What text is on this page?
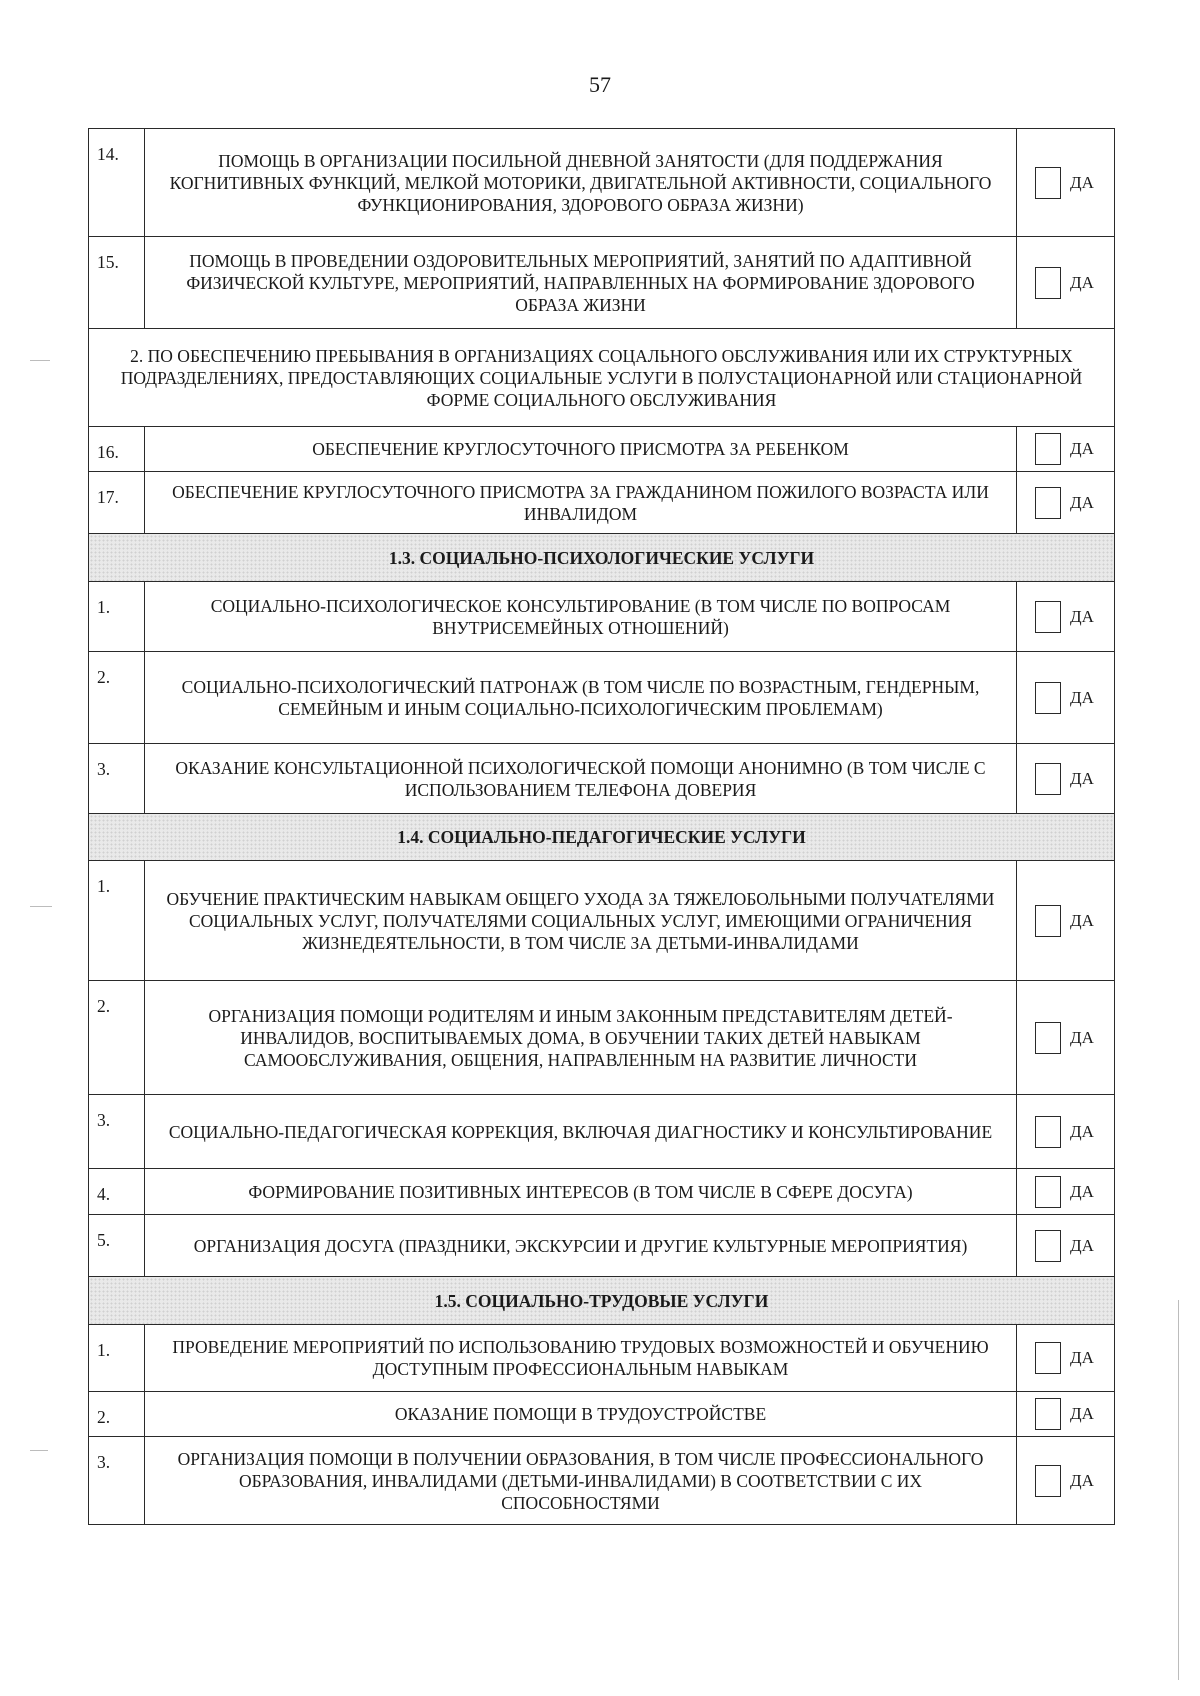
57
14.	ПОМОЩЬ В ОРГАНИЗАЦИИ ПОСИЛЬНОЙ ДНЕВНОЙ ЗАНЯТОСТИ (ДЛЯ ПОДДЕРЖАНИЯ КОГНИТИВНЫХ ФУНКЦИЙ, МЕЛКОЙ МОТОРИКИ, ДВИГАТЕЛЬНОЙ АКТИВНОСТИ, СОЦИАЛЬНОГО ФУНКЦИОНИРОВАНИЯ, ЗДОРОВОГО ОБРАЗА ЖИЗНИ)	ДА
15.	ПОМОЩЬ В ПРОВЕДЕНИИ ОЗДОРОВИТЕЛЬНЫХ МЕРОПРИЯТИЙ, ЗАНЯТИЙ ПО АДАПТИВНОЙ ФИЗИЧЕСКОЙ КУЛЬТУРЕ, МЕРОПРИЯТИЙ, НАПРАВЛЕННЫХ НА ФОРМИРОВАНИЕ ЗДОРОВОГО ОБРАЗА ЖИЗНИ	ДА
2. ПО ОБЕСПЕЧЕНИЮ ПРЕБЫВАНИЯ В ОРГАНИЗАЦИЯХ СОЦАЛЬНОГО ОБСЛУЖИВАНИЯ ИЛИ ИХ СТРУКТУРНЫХ ПОДРАЗДЕЛЕНИЯХ, ПРЕДОСТАВЛЯЮЩИХ СОЦИАЛЬНЫЕ УСЛУГИ В ПОЛУСТАЦИОНАРНОЙ ИЛИ СТАЦИОНАРНОЙ ФОРМЕ СОЦИАЛЬНОГО ОБСЛУЖИВАНИЯ		
16.	ОБЕСПЕЧЕНИЕ КРУГЛОСУТОЧНОГО ПРИСМОТРА ЗА РЕБЕНКОМ	ДА
17.	ОБЕСПЕЧЕНИЕ КРУГЛОСУТОЧНОГО ПРИСМОТРА ЗА ГРАЖДАНИНОМ ПОЖИЛОГО ВОЗРАСТА ИЛИ ИНВАЛИДОМ	ДА
1.3. СОЦИАЛЬНО-ПСИХОЛОГИЧЕСКИЕ УСЛУГИ		
1.	СОЦИАЛЬНО-ПСИХОЛОГИЧЕСКОЕ КОНСУЛЬТИРОВАНИЕ (В ТОМ ЧИСЛЕ ПО ВОПРОСАМ ВНУТРИСЕМЕЙНЫХ ОТНОШЕНИЙ)	ДА
2.	СОЦИАЛЬНО-ПСИХОЛОГИЧЕСКИЙ ПАТРОНАЖ (В ТОМ ЧИСЛЕ ПО ВОЗРАСТНЫМ, ГЕНДЕРНЫМ, СЕМЕЙНЫМ И ИНЫМ СОЦИАЛЬНО-ПСИХОЛОГИЧЕСКИМ ПРОБЛЕМАМ)	ДА
3.	ОКАЗАНИЕ КОНСУЛЬТАЦИОННОЙ ПСИХОЛОГИЧЕСКОЙ ПОМОЩИ АНОНИМНО (В ТОМ ЧИСЛЕ С ИСПОЛЬЗОВАНИЕМ ТЕЛЕФОНА ДОВЕРИЯ	ДА
1.4. СОЦИАЛЬНО-ПЕДАГОГИЧЕСКИЕ УСЛУГИ		
1.	ОБУЧЕНИЕ ПРАКТИЧЕСКИМ НАВЫКАМ ОБЩЕГО УХОДА ЗА ТЯЖЕЛОБОЛЬНЫМИ ПОЛУЧАТЕЛЯМИ СОЦИАЛЬНЫХ УСЛУГ, ПОЛУЧАТЕЛЯМИ СОЦИАЛЬНЫХ УСЛУГ, ИМЕЮЩИМИ ОГРАНИЧЕНИЯ ЖИЗНЕДЕЯТЕЛЬНОСТИ, В ТОМ ЧИСЛЕ ЗА ДЕТЬМИ-ИНВАЛИДАМИ	ДА
2.	ОРГАНИЗАЦИЯ ПОМОЩИ РОДИТЕЛЯМ И ИНЫМ ЗАКОННЫМ ПРЕДСТАВИТЕЛЯМ ДЕТЕЙ-ИНВАЛИДОВ, ВОСПИТЫВАЕМЫХ ДОМА, В ОБУЧЕНИИ ТАКИХ ДЕТЕЙ НАВЫКАМ САМООБСЛУЖИВАНИЯ, ОБЩЕНИЯ, НАПРАВЛЕННЫМ НА РАЗВИТИЕ ЛИЧНОСТИ	ДА
3.	СОЦИАЛЬНО-ПЕДАГОГИЧЕСКАЯ КОРРЕКЦИЯ, ВКЛЮЧАЯ ДИАГНОСТИКУ И КОНСУЛЬТИРОВАНИЕ	ДА
4.	ФОРМИРОВАНИЕ ПОЗИТИВНЫХ ИНТЕРЕСОВ (В ТОМ ЧИСЛЕ В СФЕРЕ ДОСУГА)	ДА
5.	ОРГАНИЗАЦИЯ ДОСУГА (ПРАЗДНИКИ, ЭКСКУРСИИ И ДРУГИЕ КУЛЬТУРНЫЕ МЕРОПРИЯТИЯ)	ДА
1.5. СОЦИАЛЬНО-ТРУДОВЫЕ УСЛУГИ		
1.	ПРОВЕДЕНИЕ МЕРОПРИЯТИЙ ПО ИСПОЛЬЗОВАНИЮ ТРУДОВЫХ ВОЗМОЖНОСТЕЙ И ОБУЧЕНИЮ ДОСТУПНЫМ ПРОФЕССИОНАЛЬНЫМ НАВЫКАМ	ДА
2.	ОКАЗАНИЕ ПОМОЩИ В ТРУДОУСТРОЙСТВЕ	ДА
3.	ОРГАНИЗАЦИЯ ПОМОЩИ В ПОЛУЧЕНИИ ОБРАЗОВАНИЯ, В ТОМ ЧИСЛЕ ПРОФЕССИОНАЛЬНОГО ОБРАЗОВАНИЯ, ИНВАЛИДАМИ (ДЕТЬМИ-ИНВАЛИДАМИ) В СООТВЕТСТВИИ С ИХ СПОСОБНОСТЯМИ	ДА
